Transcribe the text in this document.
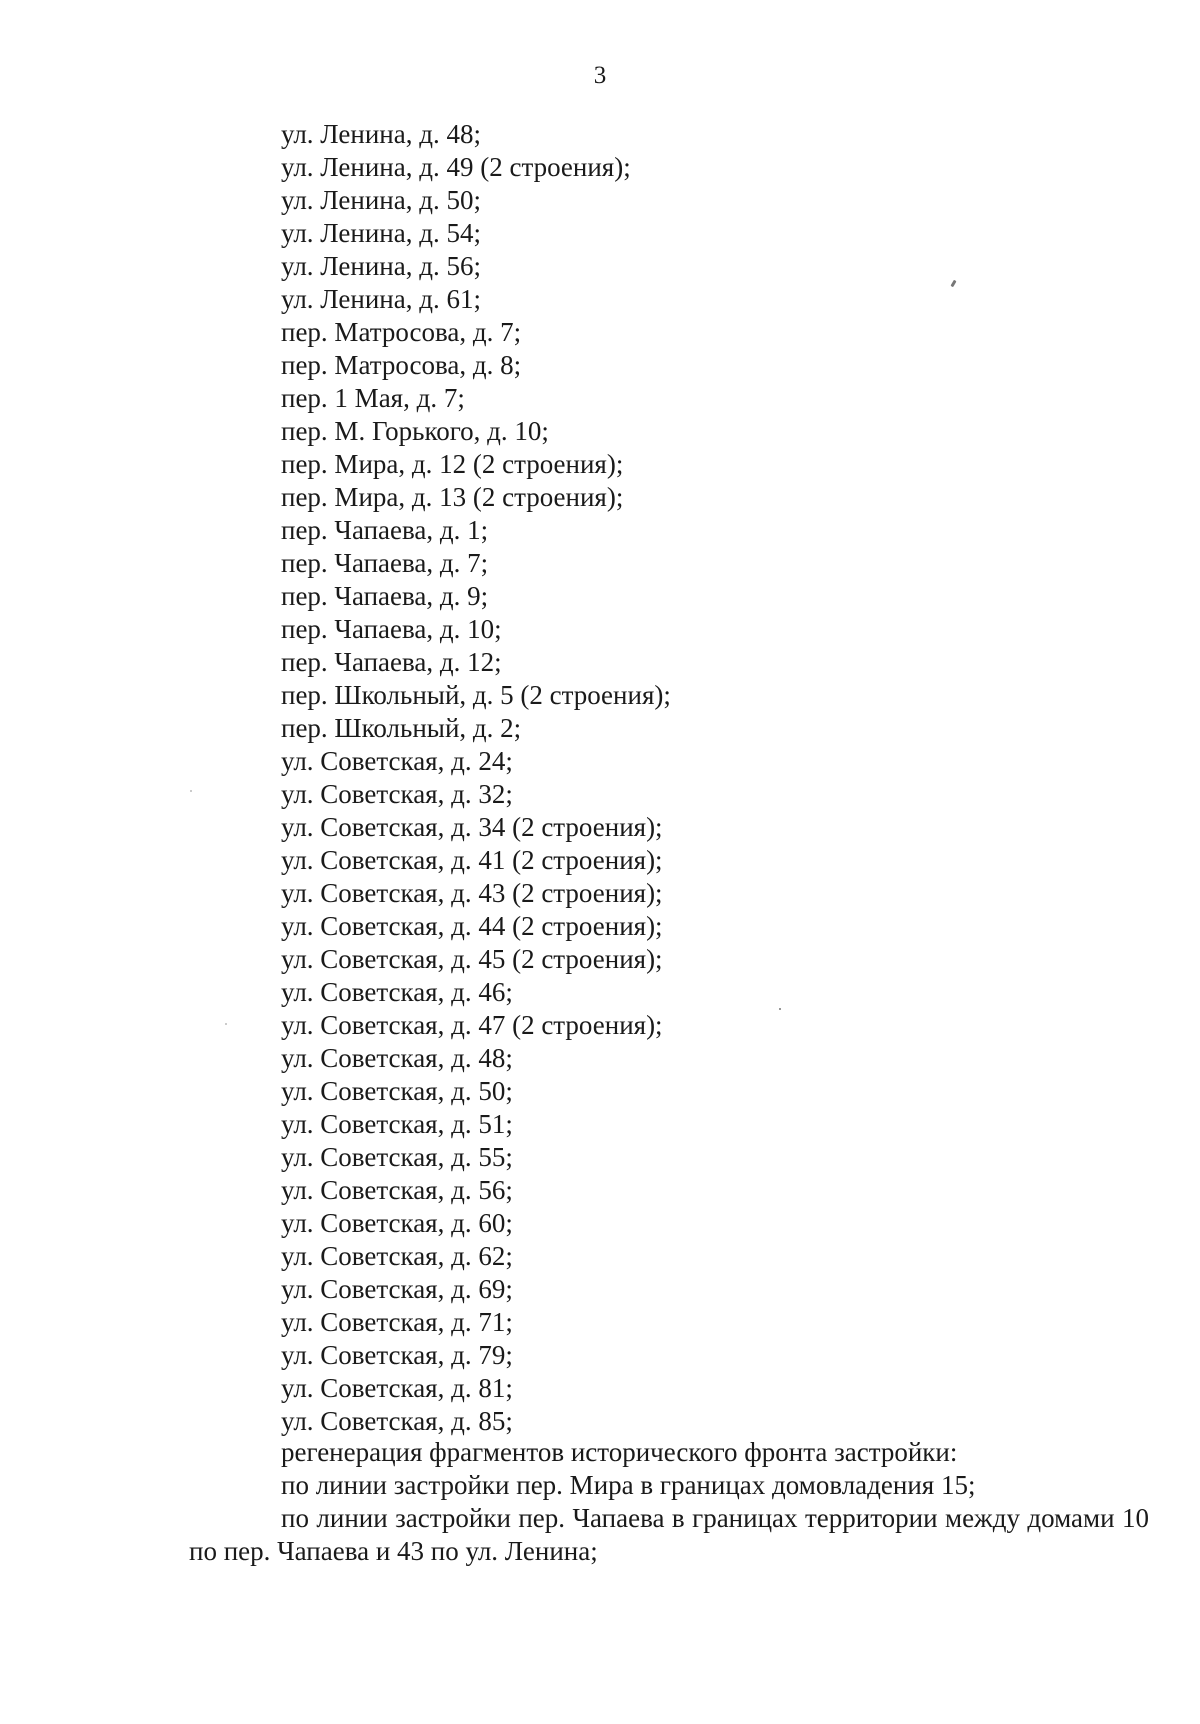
3
ул. Ленина, д. 48;
ул. Ленина, д. 49 (2 строения);
ул. Ленина, д. 50;
ул. Ленина, д. 54;
ул. Ленина, д. 56;
ул. Ленина, д. 61;
пер. Матросова, д. 7;
пер. Матросова, д. 8;
пер. 1 Мая, д. 7;
пер. М. Горького, д. 10;
пер. Мира, д. 12 (2 строения);
пер. Мира, д. 13 (2 строения);
пер. Чапаева, д. 1;
пер. Чапаева, д. 7;
пер. Чапаева, д. 9;
пер. Чапаева, д. 10;
пер. Чапаева, д. 12;
пер. Школьный, д. 5 (2 строения);
пер. Школьный, д. 2;
ул. Советская, д. 24;
ул. Советская, д. 32;
ул. Советская, д. 34 (2 строения);
ул. Советская, д. 41 (2 строения);
ул. Советская, д. 43 (2 строения);
ул. Советская, д. 44 (2 строения);
ул. Советская, д. 45 (2 строения);
ул. Советская, д. 46;
ул. Советская, д. 47 (2 строения);
ул. Советская, д. 48;
ул. Советская, д. 50;
ул. Советская, д. 51;
ул. Советская, д. 55;
ул. Советская, д. 56;
ул. Советская, д. 60;
ул. Советская, д. 62;
ул. Советская, д. 69;
ул. Советская, д. 71;
ул. Советская, д. 79;
ул. Советская, д. 81;
ул. Советская, д. 85;

регенерация фрагментов исторического фронта застройки:

по линии застройки пер. Мира в границах домовладения 15;

по линии застройки пер. Чапаева в границах территории между домами 10 по пер. Чапаева и 43 по ул. Ленина;
